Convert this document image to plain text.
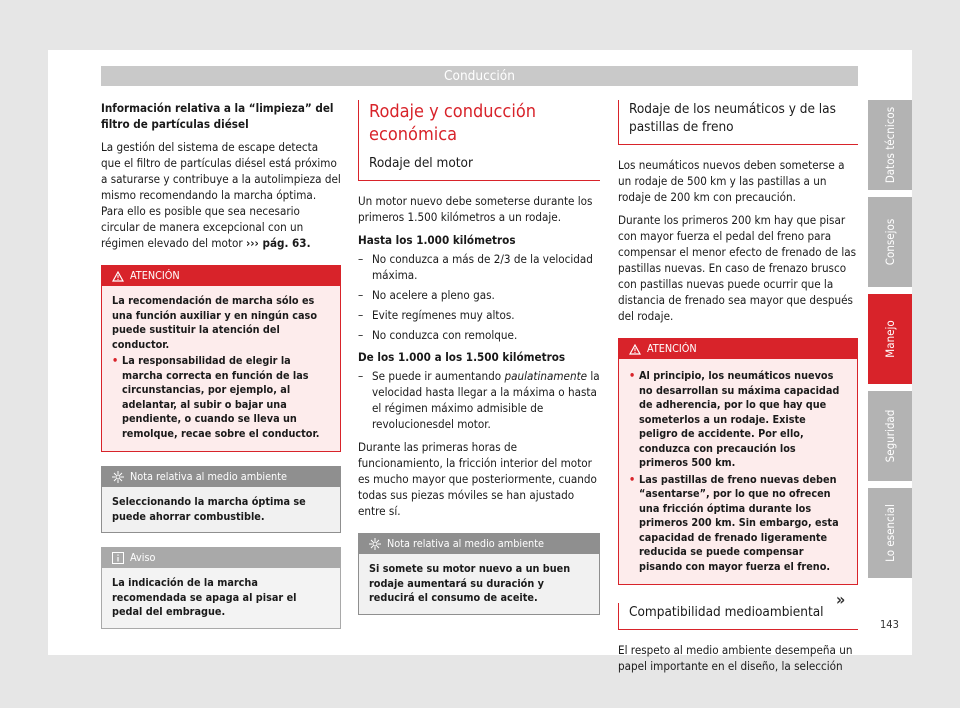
Conducción

Información relativa a la “limpieza” del filtro de partículas diésel

La gestión del sistema de escape detecta que el filtro de partículas diésel está próximo a saturarse y contribuye a la autolimpieza del mismo recomendando la marcha óptima. Para ello es posible que sea necesario circular de manera excepcional con un régimen elevado del motor ››› pág. 63.

ATENCIÓN
La recomendación de marcha sólo es una función auxiliar y en ningún caso puede sustituir la atención del conductor.
• La responsabilidad de elegir la marcha correcta en función de las circunstancias, por ejemplo, al adelantar, al subir o bajar una pendiente, o cuando se lleva un remolque, recae sobre el conductor.
Nota relativa al medio ambiente
Seleccionando la marcha óptima se puede ahorrar combustible.
Aviso
La indicación de la marcha recomendada se apaga al pisar el pedal del embrague.
Rodaje y conducción económica
Rodaje del motor

Un motor nuevo debe someterse durante los primeros 1.500 kilómetros a un rodaje.

Hasta los 1.000 kilómetros

– No conduzca a más de 2/3 de la velocidad máxima.
– No acelere a pleno gas.
– Evite regímenes muy altos.
– No conduzca con remolque.

De los 1.000 a los 1.500 kilómetros

– Se puede ir aumentando paulatinamente la velocidad hasta llegar a la máxima o hasta el régimen máximo admisible de revolucionesdel motor.

Durante las primeras horas de funcionamiento, la fricción interior del motor es mucho mayor que posteriormente, cuando todas sus piezas móviles se han ajustado entre sí.

Nota relativa al medio ambiente
Si somete su motor nuevo a un buen rodaje aumentará su duración y reducirá el consumo de aceite.
Rodaje de los neumáticos y de las pastillas de freno

Los neumáticos nuevos deben someterse a un rodaje de 500 km y las pastillas a un rodaje de 200 km con precaución.

Durante los primeros 200 km hay que pisar con mayor fuerza el pedal del freno para compensar el menor efecto de frenado de las pastillas nuevas. En caso de frenazo brusco con pastillas nuevas puede ocurrir que la distancia de frenado sea mayor que después del rodaje.

ATENCIÓN
• Al principio, los neumáticos nuevos no desarrollan su máxima capacidad de adherencia, por lo que hay que someterlos a un rodaje. Existe peligro de accidente. Por ello, conduzca con precaución los primeros 500 km.
• Las pastillas de freno nuevas deben “asentarse”, por lo que no ofrecen una fricción óptima durante los primeros 200 km. Sin embargo, esta capacidad de frenado ligeramente reducida se puede compensar pisando con mayor fuerza el freno.
Compatibilidad medioambiental

El respeto al medio ambiente desempeña un papel importante en el diseño, la selección

»
Datos técnicos
Consejos
Manejo
Seguridad
Lo esencial
143
